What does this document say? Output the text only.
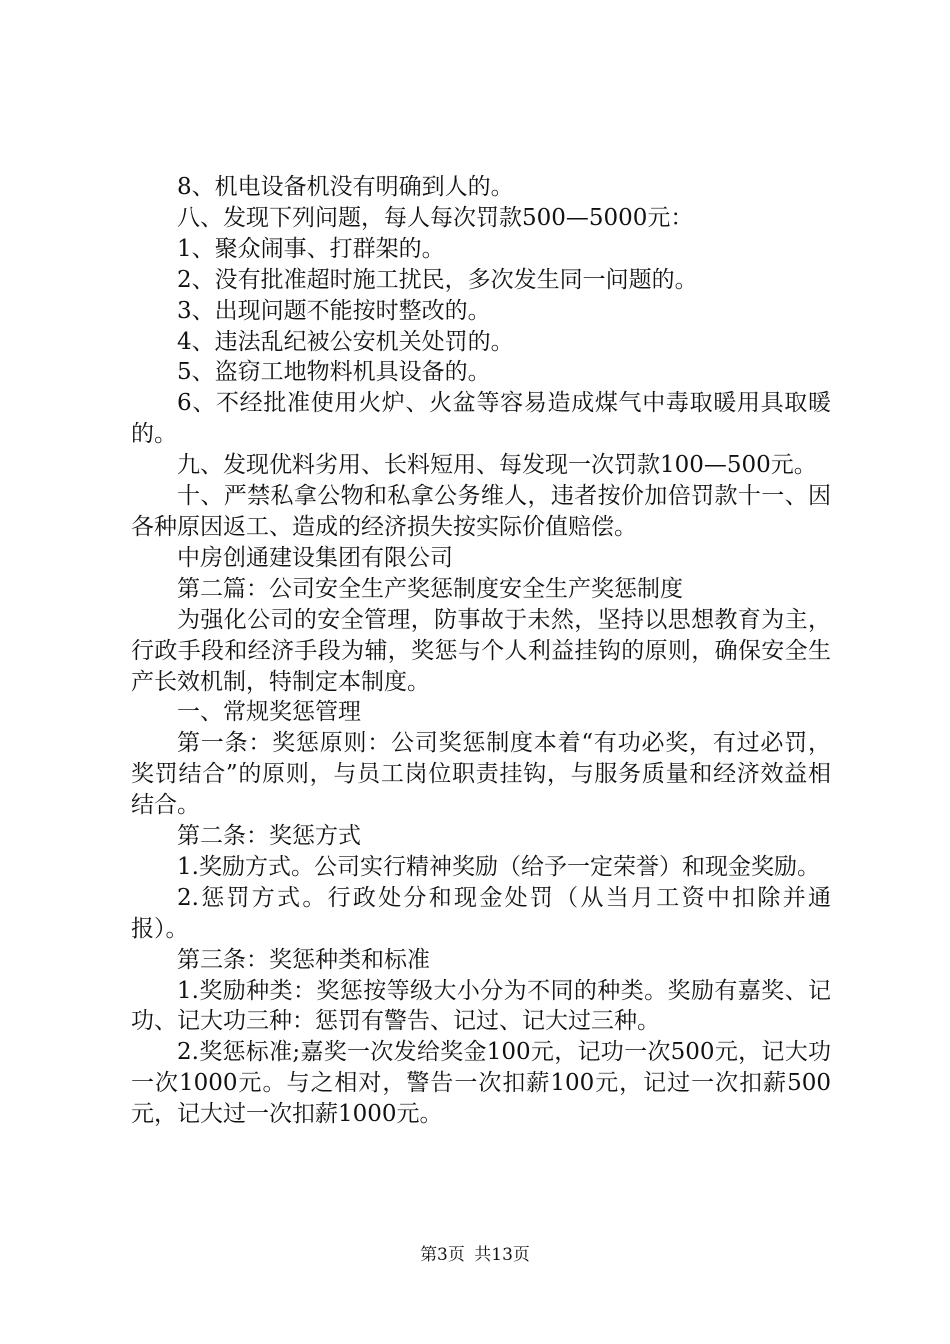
8、机电设备机没有明确到人的。

八、发现下列问题，每人每次罚款500—5000元：

1、聚众闹事、打群架的。

2、没有批准超时施工扰民，多次发生同一问题的。

3、出现问题不能按时整改的。

4、违法乱纪被公安机关处罚的。

5、盗窃工地物料机具设备的。

6、不经批准使用火炉、火盆等容易造成煤气中毒取暖用具取暖的。

九、发现优料劣用、长料短用、每发现一次罚款100—500元。

十、严禁私拿公物和私拿公务维人，违者按价加倍罚款十一、因各种原因返工、造成的经济损失按实际价值赔偿。

中房创通建设集团有限公司

第二篇：公司安全生产奖惩制度安全生产奖惩制度

为强化公司的安全管理，防事故于未然，坚持以思想教育为主，行政手段和经济手段为辅，奖惩与个人利益挂钩的原则，确保安全生产长效机制，特制定本制度。

一、常规奖惩管理

第一条：奖惩原则：公司奖惩制度本着“有功必奖，有过必罚，奖罚结合”的原则，与员工岗位职责挂钩，与服务质量和经济效益相结合。

第二条：奖惩方式

1.奖励方式。公司实行精神奖励（给予一定荣誉）和现金奖励。

2.惩罚方式。行政处分和现金处罚（从当月工资中扣除并通报）。

第三条：奖惩种类和标准

1.奖励种类：奖惩按等级大小分为不同的种类。奖励有嘉奖、记功、记大功三种：惩罚有警告、记过、记大过三种。

2.奖惩标准;嘉奖一次发给奖金100元，记功一次500元，记大功一次1000元。与之相对，警告一次扣薪100元，记过一次扣薪500元，记大过一次扣薪1000元。

第3页 共13页
